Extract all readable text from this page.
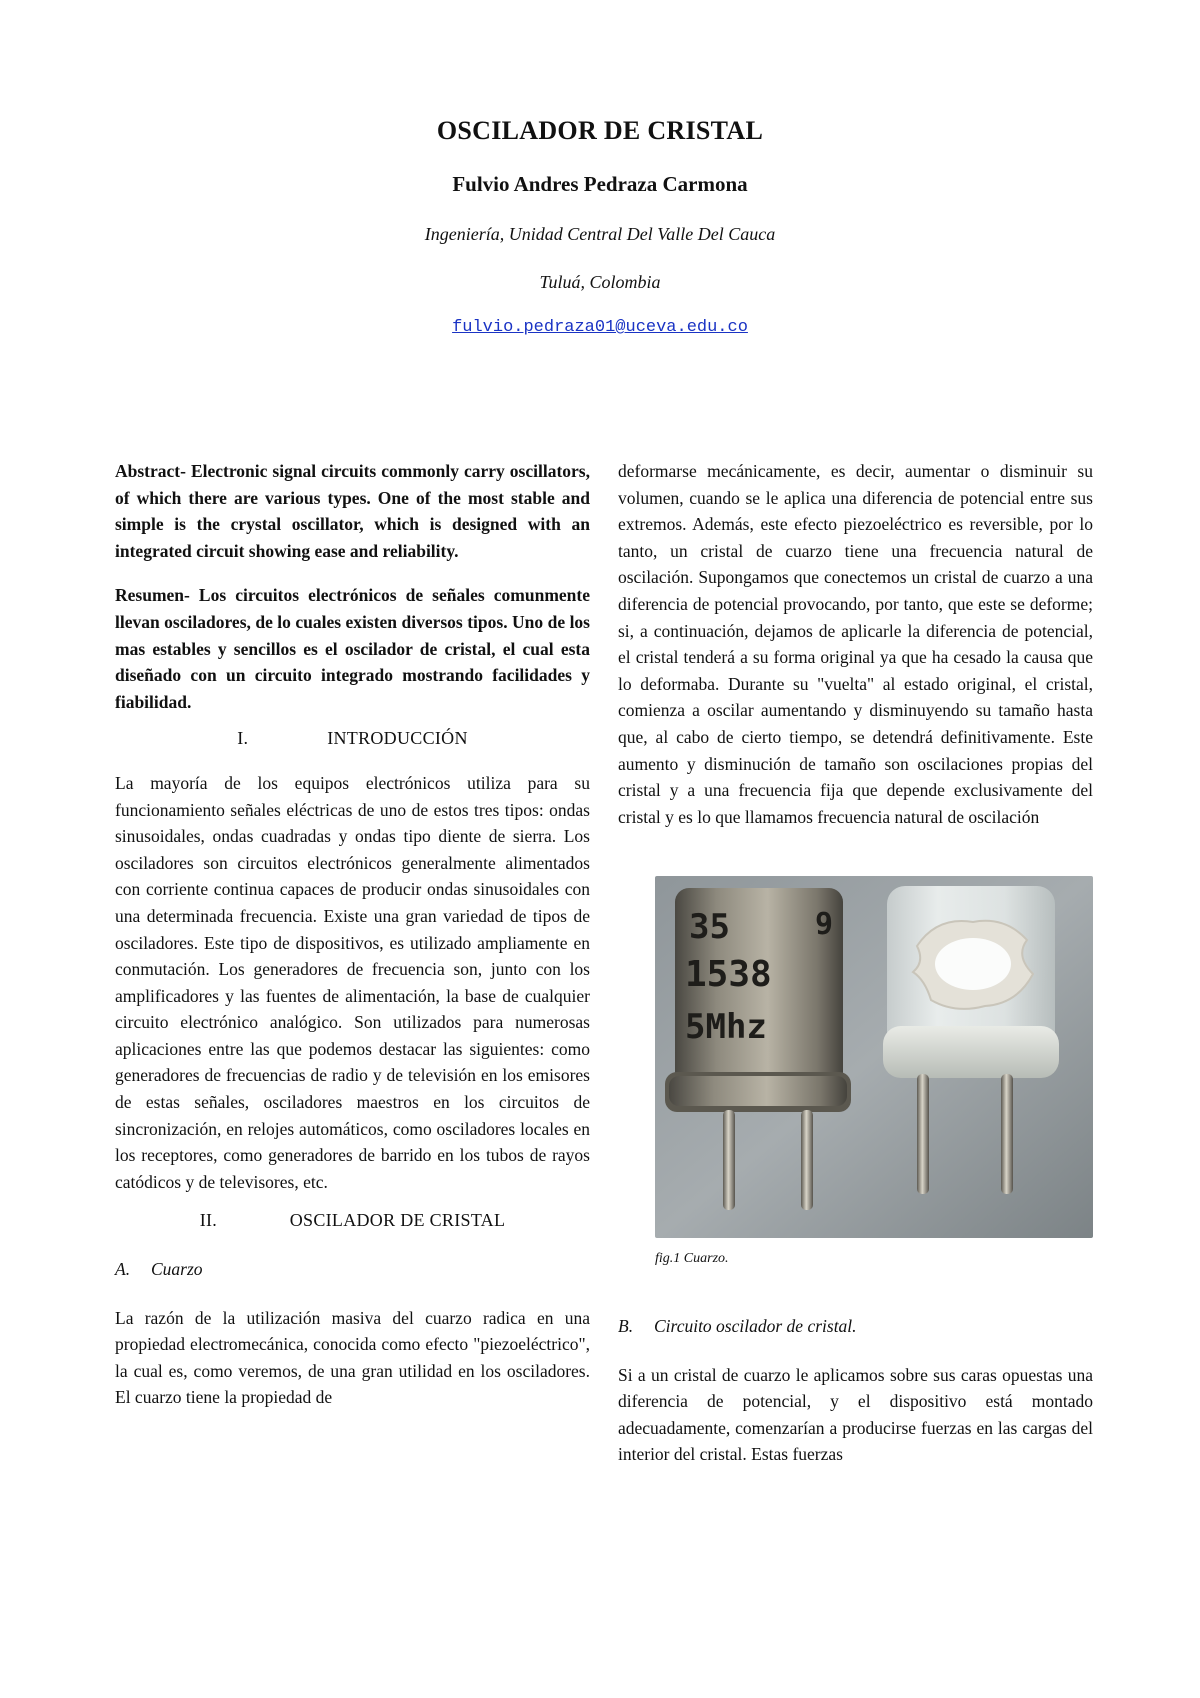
OSCILADOR DE CRISTAL
Fulvio Andres Pedraza Carmona
Ingeniería, Unidad Central Del Valle Del Cauca
Tuluá, Colombia
fulvio.pedraza01@uceva.edu.co

Abstract- Electronic signal circuits commonly carry oscillators, of which there are various types. One of the most stable and simple is the crystal oscillator, which is designed with an integrated circuit showing ease and reliability.

Resumen- Los circuitos electrónicos de señales comunmente llevan osciladores, de lo cuales existen diversos tipos. Uno de los mas estables y sencillos es el oscilador de cristal, el cual esta diseñado con un circuito integrado mostrando facilidades y fiabilidad.

I.	INTRODUCCIÓN

La mayoría de los equipos electrónicos utiliza para su funcionamiento señales eléctricas de uno de estos tres tipos: ondas sinusoidales, ondas cuadradas y ondas tipo diente de sierra. Los osciladores son circuitos electrónicos generalmente alimentados con corriente continua capaces de producir ondas sinusoidales con una determinada frecuencia. Existe una gran variedad de tipos de osciladores. Este tipo de dispositivos, es utilizado ampliamente en conmutación. Los generadores de frecuencia son, junto con los amplificadores y las fuentes de alimentación, la base de cualquier circuito electrónico analógico. Son utilizados para numerosas aplicaciones entre las que podemos destacar las siguientes: como generadores de frecuencias de radio y de televisión en los emisores de estas señales, osciladores maestros en los circuitos de sincronización, en relojes automáticos, como osciladores locales en los receptores, como generadores de barrido en los tubos de rayos catódicos y de televisores, etc.

II.	OSCILADOR DE CRISTAL
A. Cuarzo

La razón de la utilización masiva del cuarzo radica en una propiedad electromecánica, conocida como efecto "piezoeléctrico", la cual es, como veremos, de una gran utilidad en los osciladores. El cuarzo tiene la propiedad de

deformarse mecánicamente, es decir, aumentar o disminuir su volumen, cuando se le aplica una diferencia de potencial entre sus extremos. Además, este efecto piezoeléctrico es reversible, por lo tanto, un cristal de cuarzo tiene una frecuencia natural de oscilación. Supongamos que conectemos un cristal de cuarzo a una diferencia de potencial provocando, por tanto, que este se deforme; si, a continuación, dejamos de aplicarle la diferencia de potencial, el cristal tenderá a su forma original ya que ha cesado la causa que lo deformaba. Durante su "vuelta" al estado original, el cristal, comienza a oscilar aumentando y disminuyendo su tamaño hasta que, al cabo de cierto tiempo, se detendrá definitivamente. Este aumento y disminución de tamaño son oscilaciones propias del cristal y a una frecuencia fija que depende exclusivamente del cristal y es lo que llamamos frecuencia natural de oscilación

35	9
1538
5Mhz
fig.1 Cuarzo.
B. Circuito oscilador de cristal.

Si a un cristal de cuarzo le aplicamos sobre sus caras opuestas una diferencia de potencial, y el dispositivo está montado adecuadamente, comenzarían a producirse fuerzas en las cargas del interior del cristal. Estas fuerzas
